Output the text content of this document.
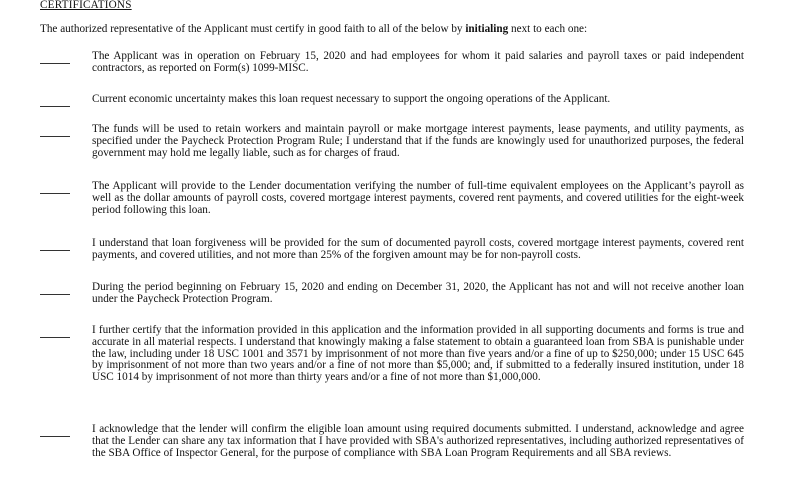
CERTIFICATIONS

The authorized representative of the Applicant must certify in good faith to all of the below by initialing next to each one:

The Applicant was in operation on February 15, 2020 and had employees for whom it paid salaries and payroll taxes or paid independent contractors, as reported on Form(s) 1099-MISC.

Current economic uncertainty makes this loan request necessary to support the ongoing operations of the Applicant.

The funds will be used to retain workers and maintain payroll or make mortgage interest payments, lease payments, and utility payments, as specified under the Paycheck Protection Program Rule; I understand that if the funds are knowingly used for unauthorized purposes, the federal government may hold me legally liable, such as for charges of fraud.

The Applicant will provide to the Lender documentation verifying the number of full-time equivalent employees on the Applicant’s payroll as well as the dollar amounts of payroll costs, covered mortgage interest payments, covered rent payments, and covered utilities for the eight-week period following this loan.

I understand that loan forgiveness will be provided for the sum of documented payroll costs, covered mortgage interest payments, covered rent payments, and covered utilities, and not more than 25% of the forgiven amount may be for non-payroll costs.

During the period beginning on February 15, 2020 and ending on December 31, 2020, the Applicant has not and will not receive another loan under the Paycheck Protection Program.

I further certify that the information provided in this application and the information provided in all supporting documents and forms is true and accurate in all material respects. I understand that knowingly making a false statement to obtain a guaranteed loan from SBA is punishable under the law, including under 18 USC 1001 and 3571 by imprisonment of not more than five years and/or a fine of up to $250,000; under 15 USC 645 by imprisonment of not more than two years and/or a fine of not more than $5,000; and, if submitted to a federally insured institution, under 18 USC 1014 by imprisonment of not more than thirty years and/or a fine of not more than $1,000,000.

I acknowledge that the lender will confirm the eligible loan amount using required documents submitted. I understand, acknowledge and agree that the Lender can share any tax information that I have provided with SBA's authorized representatives, including authorized representatives of the SBA Office of Inspector General, for the purpose of compliance with SBA Loan Program Requirements and all SBA reviews.
